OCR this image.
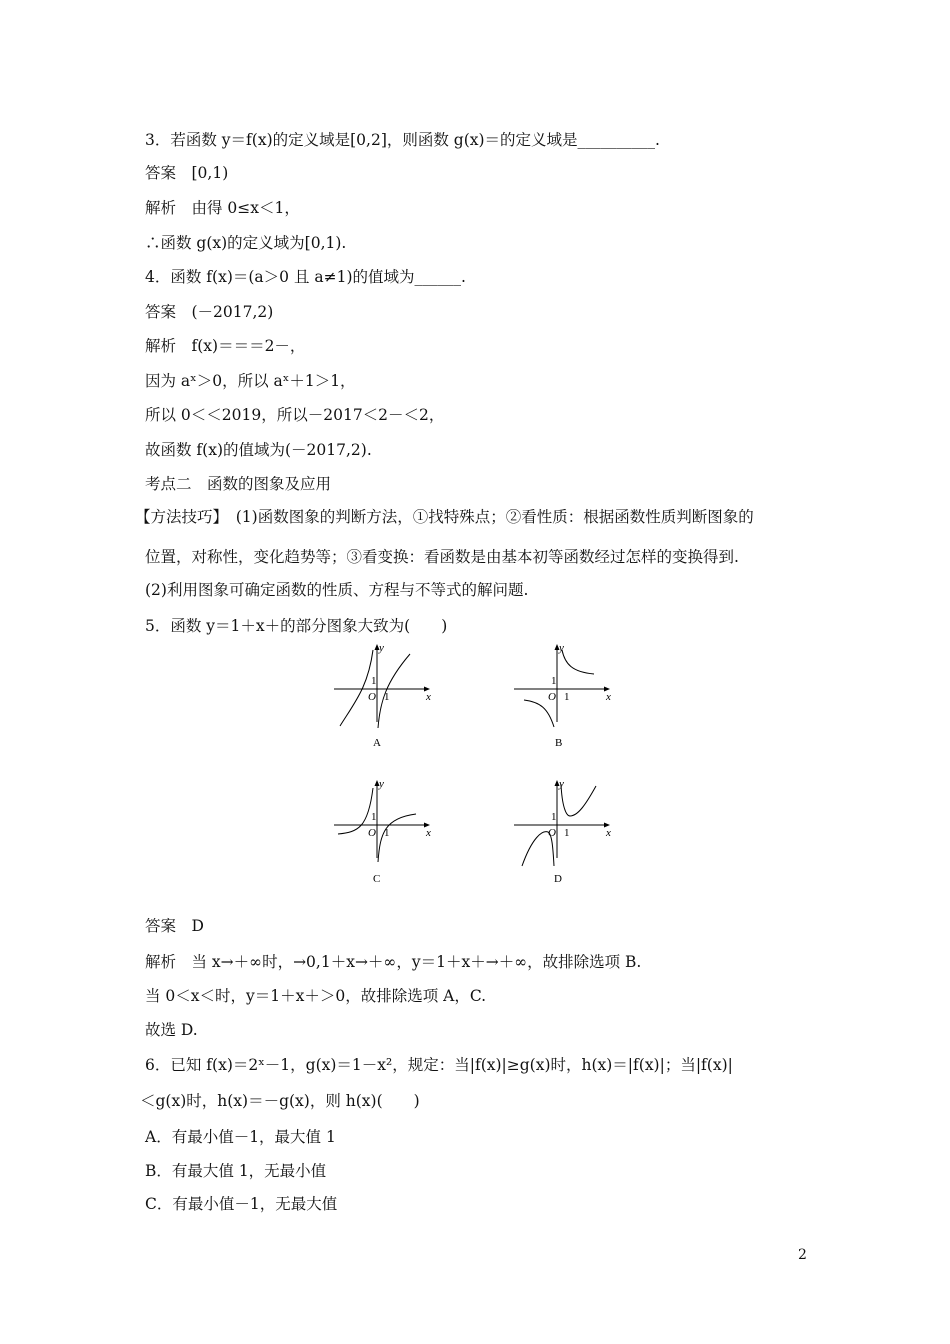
3．若函数 y＝f(x)的定义域是[0,2]，则函数 g(x)＝的定义域是__________.
答案　[0,1)
解析　由得 0≤x＜1，
∴函数 g(x)的定义域为[0,1).
4．函数 f(x)＝(a＞0 且 a≠1)的值域为______.
答案　(－2017,2)
解析　f(x)＝＝＝2－，
因为 aˣ＞0，所以 aˣ＋1＞1，
所以 0＜＜2019，所以－2017＜2－＜2，
故函数 f(x)的值域为(－2017,2).
考点二　函数的图象及应用
【方法技巧】　(1)函数图象的判断方法，①找特殊点；②看性质：根据函数性质判断图象的
位置，对称性，变化趋势等；③看变换：看函数是由基本初等函数经过怎样的变换得到.
(2)利用图象可确定函数的性质、方程与不等式的解问题.
5．函数 y＝1＋x＋的部分图象大致为(　　)
y
x
O
1
1
A
y
x
O
1
1
B
y
x
O
1
1
C
y
x
O
1
1
D
答案　D
解析　当 x→＋∞时，→0,1＋x→＋∞，y＝1＋x＋→＋∞，故排除选项 B.
当 0＜x＜时，y＝1＋x＋＞0，故排除选项 A，C.
故选 D.
6．已知 f(x)＝2ˣ－1，g(x)＝1－x²，规定：当|f(x)|≥g(x)时，h(x)＝|f(x)|；当|f(x)|
＜g(x)时，h(x)＝－g(x)，则 h(x)(　　)
A．有最小值－1，最大值 1
B．有最大值 1，无最小值
C．有最小值－1，无最大值
2
